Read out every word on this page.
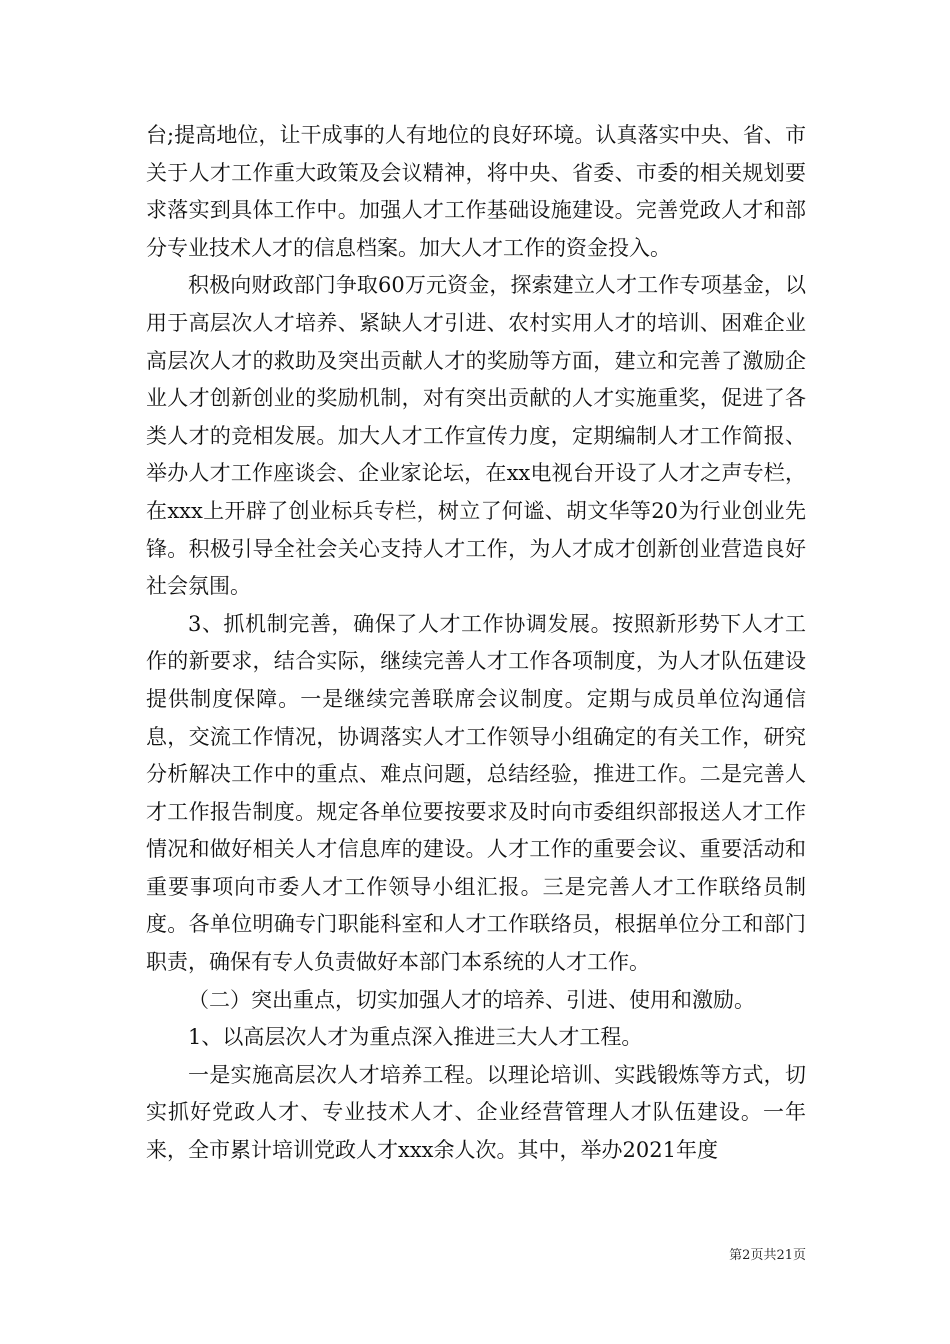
台;提高地位，让干成事的人有地位的良好环境。认真落实中央、省、市关于人才工作重大政策及会议精神，将中央、省委、市委的相关规划要求落实到具体工作中。加强人才工作基础设施建设。完善党政人才和部分专业技术人才的信息档案。加大人才工作的资金投入。

积极向财政部门争取60万元资金，探索建立人才工作专项基金，以用于高层次人才培养、紧缺人才引进、农村实用人才的培训、困难企业高层次人才的救助及突出贡献人才的奖励等方面，建立和完善了激励企业人才创新创业的奖励机制，对有突出贡献的人才实施重奖，促进了各类人才的竞相发展。加大人才工作宣传力度，定期编制人才工作简报、举办人才工作座谈会、企业家论坛，在xx电视台开设了人才之声专栏，在xxx上开辟了创业标兵专栏，树立了何谧、胡文华等20为行业创业先锋。积极引导全社会关心支持人才工作，为人才成才创新创业营造良好社会氛围。

3、抓机制完善，确保了人才工作协调发展。按照新形势下人才工作的新要求，结合实际，继续完善人才工作各项制度，为人才队伍建设提供制度保障。一是继续完善联席会议制度。定期与成员单位沟通信息，交流工作情况，协调落实人才工作领导小组确定的有关工作，研究分析解决工作中的重点、难点问题，总结经验，推进工作。二是完善人才工作报告制度。规定各单位要按要求及时向市委组织部报送人才工作情况和做好相关人才信息库的建设。人才工作的重要会议、重要活动和重要事项向市委人才工作领导小组汇报。三是完善人才工作联络员制度。各单位明确专门职能科室和人才工作联络员，根据单位分工和部门职责，确保有专人负责做好本部门本系统的人才工作。

（二）突出重点，切实加强人才的培养、引进、使用和激励。

1、以高层次人才为重点深入推进三大人才工程。

一是实施高层次人才培养工程。以理论培训、实践锻炼等方式，切实抓好党政人才、专业技术人才、企业经营管理人才队伍建设。一年来，全市累计培训党政人才xxx余人次。其中，举办2021年度

第2页共21页
